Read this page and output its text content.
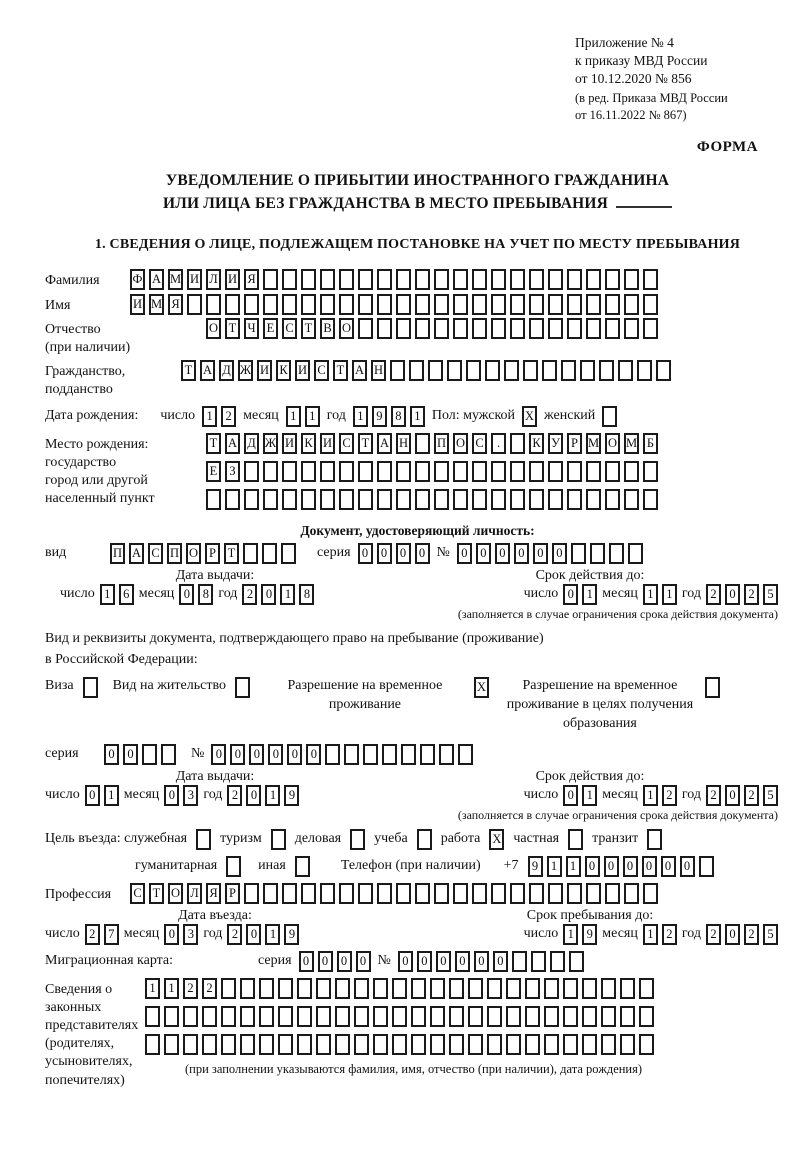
Приложение № 4
к приказу МВД России
от 10.12.2020 № 856
(в ред. Приказа МВД России
от 16.11.2022 № 867)
ФОРМА
УВЕДОМЛЕНИЕ О ПРИБЫТИИ ИНОСТРАННОГО ГРАЖДАНИНА
ИЛИ ЛИЦА БЕЗ ГРАЖДАНСТВА В МЕСТО ПРЕБЫВАНИЯ
1. СВЕДЕНИЯ О ЛИЦЕ, ПОДЛЕЖАЩЕМ ПОСТАНОВКЕ НА УЧЕТ ПО МЕСТУ ПРЕБЫВАНИЯ
Фамилия	Ф А М И Л И Я
Имя	И М Я
Отчество
(при наличии)
О Т Ч Е С Т В О
Гражданство,
подданство
Т А Д Ж И К И С Т А Н
Дата рождения: число 1	2 месяц 1	1 год 1	9	8	1 Пол: мужской X женский
Место рождения:
государство
город или другой
населенный пункт
Т А Д Ж И К И С Т А Н П О С	.	К У Р М О М Б
Е З
Документ, удостоверяющий личность:
вид	П А С П О Р Т	серия 0	0	0	0 № 0	0	0	0	0	0
Дата выдачи:	Срок действия до:
число 1	6 месяц 0	8 год 2	0	1	8	число 0	1 месяц 1	1 год 2	0	2	5
(заполняется в случае ограничения срока действия документа)
Вид и реквизиты документа, подтверждающего право на пребывание (проживание)
в Российской Федерации:
Виза	Вид на жительство	Разрешение на временное проживание
X	Разрешение на временное проживание в целях получения образования
серия	0	0	№ 0	0	0	0	0	0
Дата выдачи:	Срок действия до:
число 0	1 месяц 0	3 год 2	0	1	9	число 0	1 месяц 1	2 год 2	0	2	5
(заполняется в случае ограничения срока действия документа)
Цель въезда: служебная туризм деловая учеба работа X частная транзит
гуманитарная	иная	Телефон (при наличии) +7	9	1	1	0	0	0	0	0	0
Профессия	С Т О Л Я Р
Дата въезда:	Срок пребывания до:
число 2	7 месяц 0	3 год 2	0	1	9	число 1	9 месяц 1	2 год 2	0	2	5
Миграционная карта:	серия 0	0	0	0 № 0	0	0	0	0	0
Сведения о
законных
представителях
(родителях,
усыновителях,
попечителях)
1	1	2	2
(при заполнении указываются фамилия, имя, отчество (при наличии), дата рождения)
